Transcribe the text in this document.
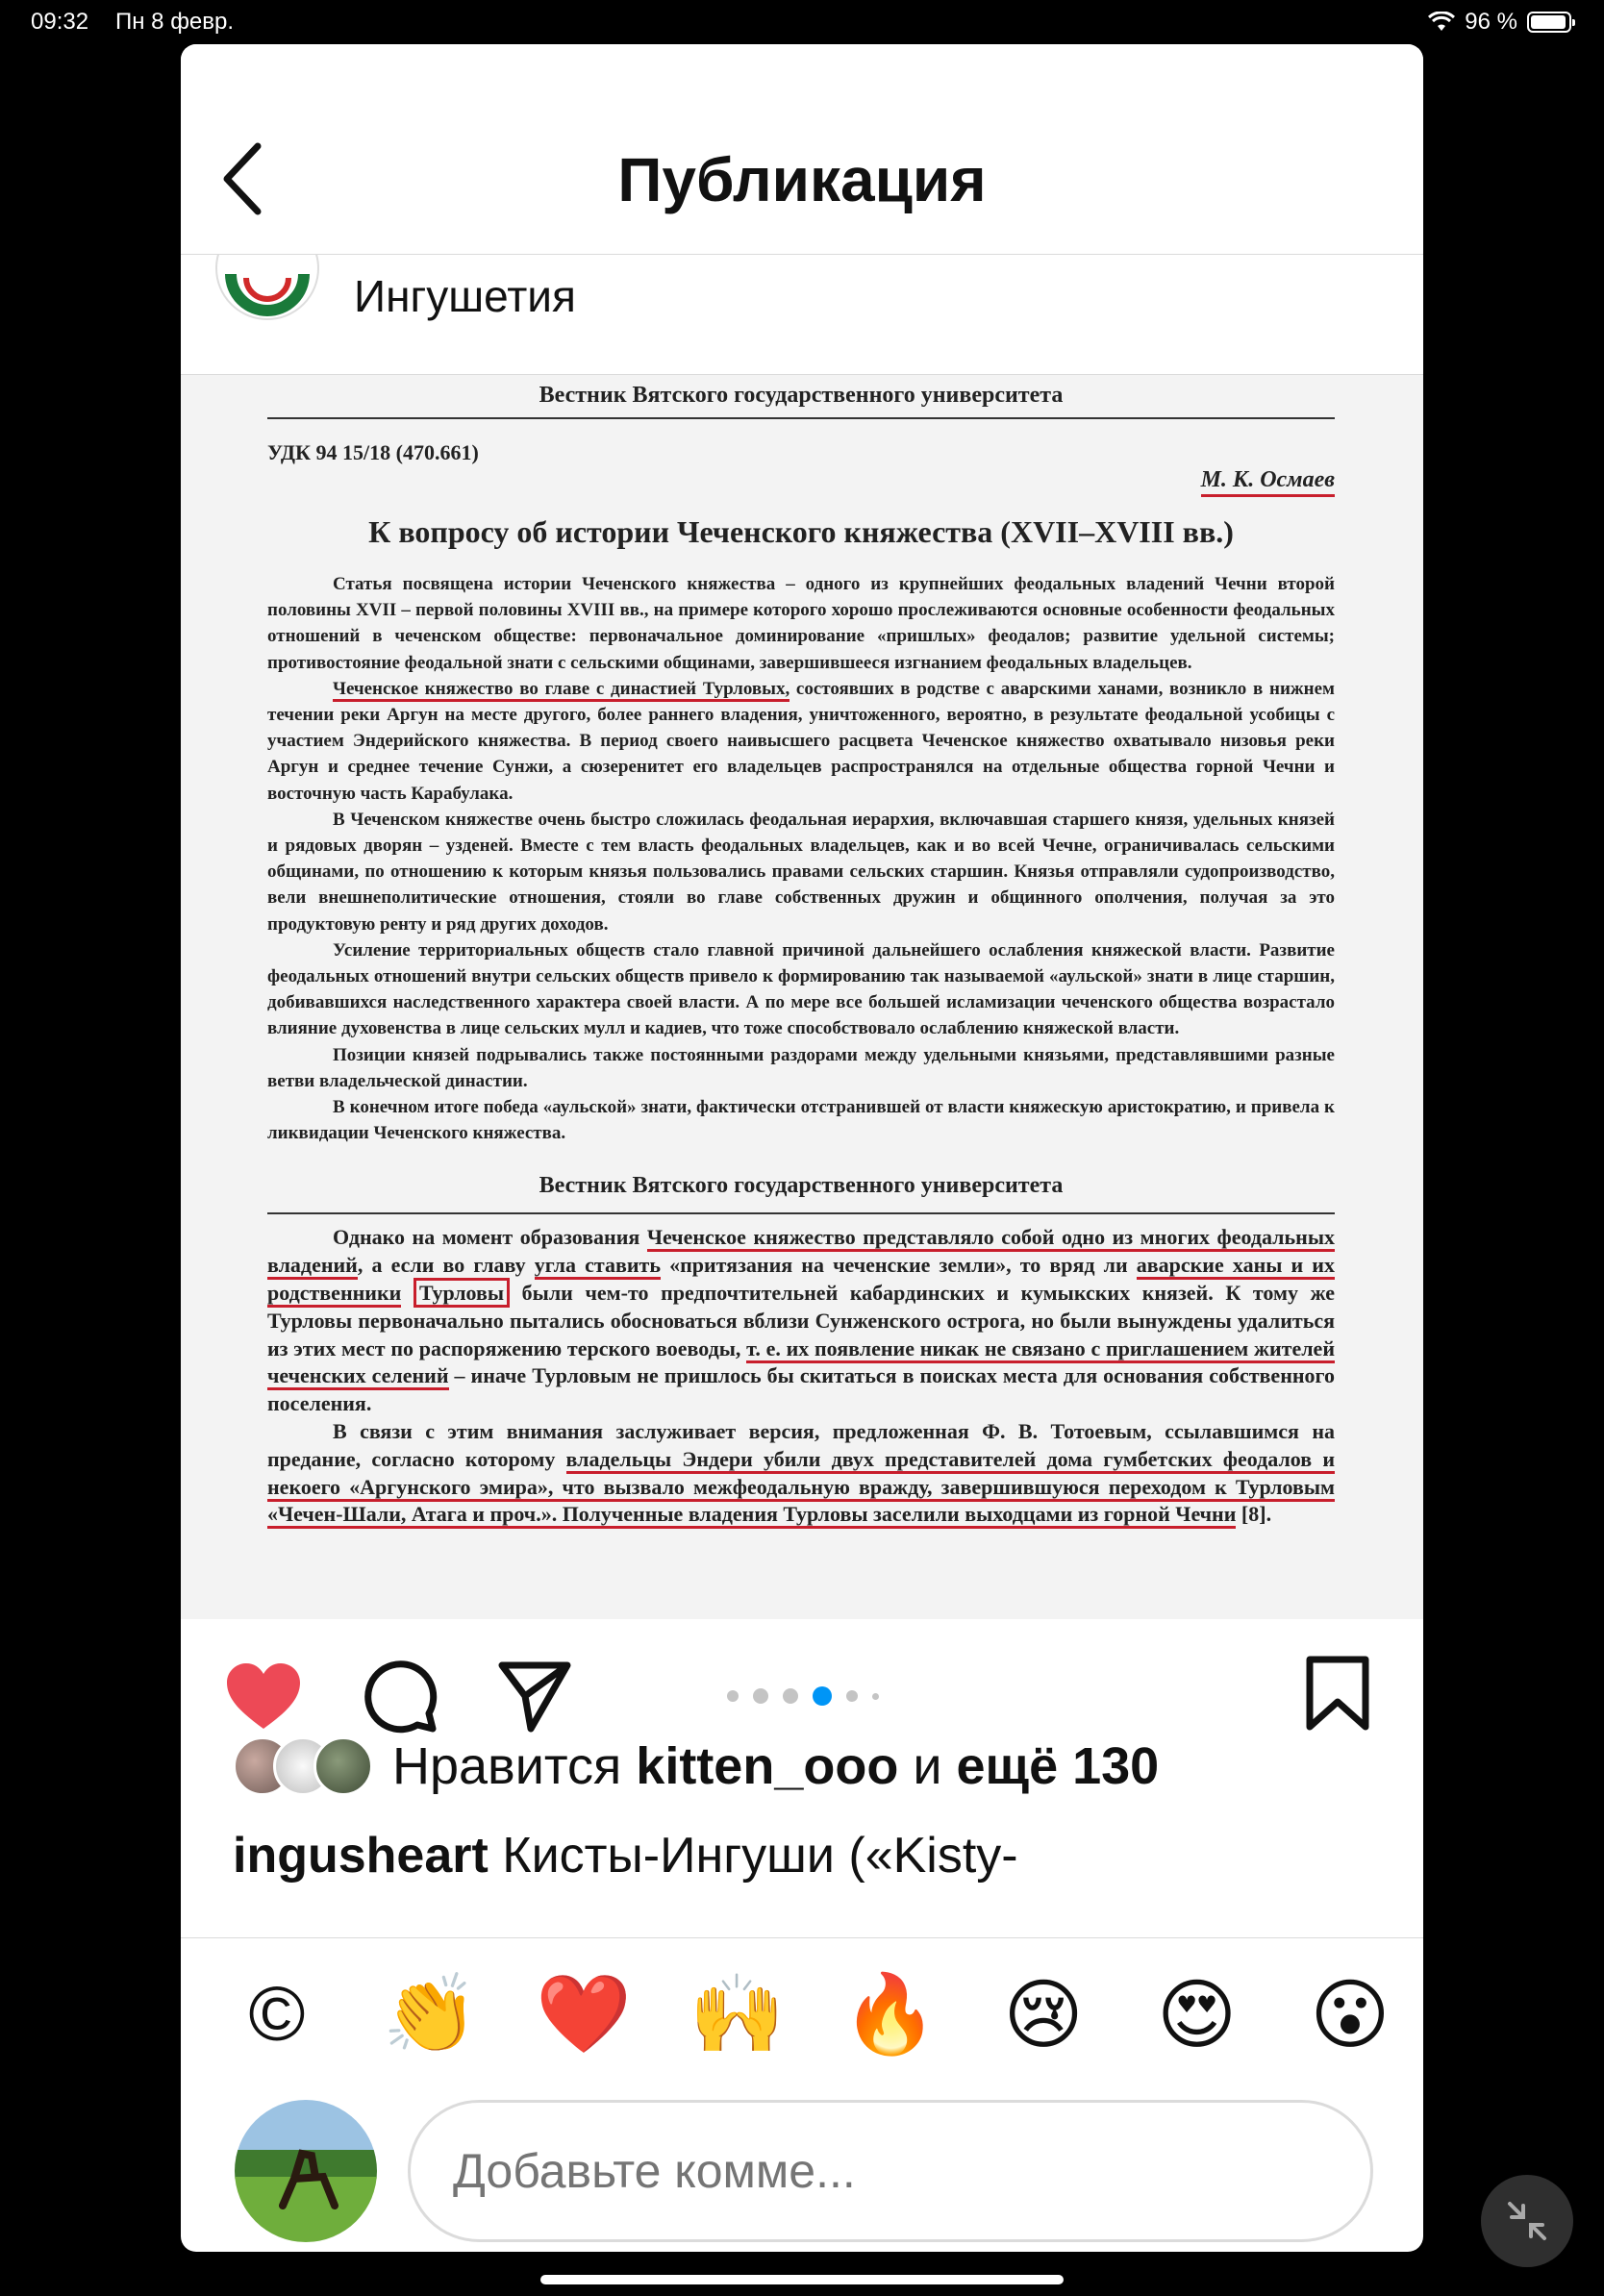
09:32 Пн 8 февр.	96 %
Публикация
Ингушетия
Вестник Вятского государственного университета
УДК 94 15/18 (470.661)
М. К. Осмаев
К вопросу об истории Чеченского княжества (XVII–XVIII вв.)

Статья посвящена истории Чеченского княжества – одного из крупнейших феодальных владений Чечни второй половины XVII – первой половины XVIII вв., на примере которого хорошо прослеживаются основные особенности феодальных отношений в чеченском обществе: первоначальное доминирование «пришлых» феодалов; развитие удельной системы; противостояние феодальной знати с сельскими общинами, завершившееся изгнанием феодальных владельцев.

Чеченское княжество во главе с династией Турловых, состоявших в родстве с аварскими ханами, возникло в нижнем течении реки Аргун на месте другого, более раннего владения, уничтоженного, вероятно, в результате феодальной усобицы с участием Эндерийского княжества. В период своего наивысшего расцвета Чеченское княжество охватывало низовья реки Аргун и среднее течение Сунжи, а сюзеренитет его владельцев распространялся на отдельные общества горной Чечни и восточную часть Карабулака.

В Чеченском княжестве очень быстро сложилась феодальная иерархия, включавшая старшего князя, удельных князей и рядовых дворян – узденей. Вместе с тем власть феодальных владельцев, как и во всей Чечне, ограничивалась сельскими общинами, по отношению к которым князья пользовались правами сельских старшин. Князья отправляли судопроизводство, вели внешнеполитические отношения, стояли во главе собственных дружин и общинного ополчения, получая за это продуктовую ренту и ряд других доходов.

Усиление территориальных обществ стало главной причиной дальнейшего ослабления княжеской власти. Развитие феодальных отношений внутри сельских обществ привело к формированию так называемой «аульской» знати в лице старшин, добивавшихся наследственного характера своей власти. А по мере все большей исламизации чеченского общества возрастало влияние духовенства в лице сельских мулл и кадиев, что тоже способствовало ослаблению княжеской власти.

Позиции князей подрывались также постоянными раздорами между удельными князьями, представлявшими разные ветви владельческой династии.

В конечном итоге победа «аульской» знати, фактически отстранившей от власти княжескую аристократию, и привела к ликвидации Чеченского княжества.

Вестник Вятского государственного университета

Однако на момент образования Чеченское княжество представляло собой одно из многих феодальных владений, а если во главу угла ставить «притязания на чеченские земли», то вряд ли аварские ханы и их родственники Турловы были чем-то предпочтительней кабардинских и кумыкских князей. К тому же Турловы первоначально пытались обосноваться вблизи Сунженского острога, но были вынуждены удалиться из этих мест по распоряжению терского воеводы, т. е. их появление никак не связано с приглашением жителей чеченских селений – иначе Турловым не пришлось бы скитаться в поисках места для основания собственного поселения.

В связи с этим внимания заслуживает версия, предложенная Ф. В. Тотоевым, ссылавшимся на предание, согласно которому владельцы Эндери убили двух представителей дома гумбетских феодалов и некоего «Аргунского эмира», что вызвало межфеодальную вражду, завершившуюся переходом к Турловым «Чечен-Шали, Атага и проч.». Полученные владения Турловы заселили выходцами из горной Чечни [8].

Нравится kitten_ooo и ещё 130
ingusheart Кисты-Ингуши («Kisty-
© 👏 ❤️ 🙌 🔥 😢 😍 😮
Добавьте комме...
